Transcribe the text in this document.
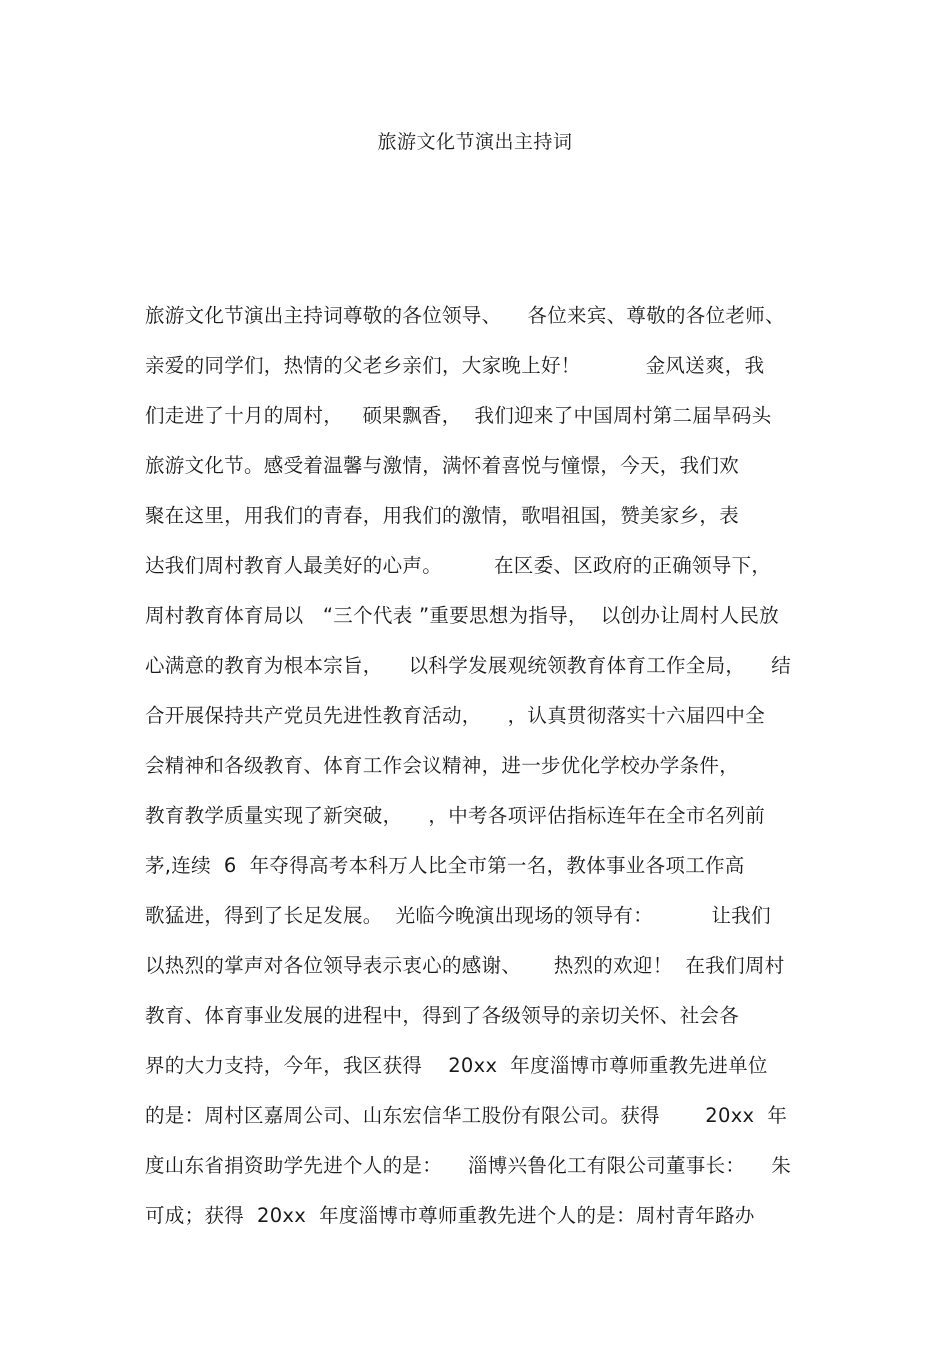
旅游文化节演出主持词
旅游文化节演出主持词尊敬的各位领导、    各位来宾、尊敬的各位老师、
亲爱的同学们，热情的父老乡亲们，大家晚上好！          金风送爽，我
们走进了十月的周村，   硕果飘香，  我们迎来了中国周村第二届旱码头
旅游文化节。感受着温馨与激情，满怀着喜悦与憧憬，今天，我们欢
聚在这里，用我们的青春，用我们的激情，歌唱祖国，赞美家乡，表
达我们周村教育人最美好的心声。        在区委、区政府的正确领导下，
周村教育体育局以   “三个代表 ”重要思想为指导，  以创办让周村人民放
心满意的教育为根本宗旨，    以科学发展观统领教育体育工作全局，    结
合开展保持共产党员先进性教育活动，    ，认真贯彻落实十六届四中全
会精神和各级教育、体育工作会议精神，进一步优化学校办学条件，
教育教学质量实现了新突破，    ，中考各项评估指标连年在全市名列前
茅,连续  6  年夺得高考本科万人比全市第一名，教体事业各项工作高
歌猛进，得到了长足发展。  光临今晚演出现场的领导有：         让我们
以热烈的掌声对各位领导表示衷心的感谢、     热烈的欢迎！  在我们周村
教育、体育事业发展的进程中，得到了各级领导的亲切关怀、社会各
界的大力支持，今年，我区获得    20xx  年度淄博市尊师重教先进单位
的是：周村区嘉周公司、山东宏信华工股份有限公司。获得       20xx  年
度山东省捐资助学先进个人的是：    淄博兴鲁化工有限公司董事长：    朱
可成；获得  20xx  年度淄博市尊师重教先进个人的是：周村青年路办
